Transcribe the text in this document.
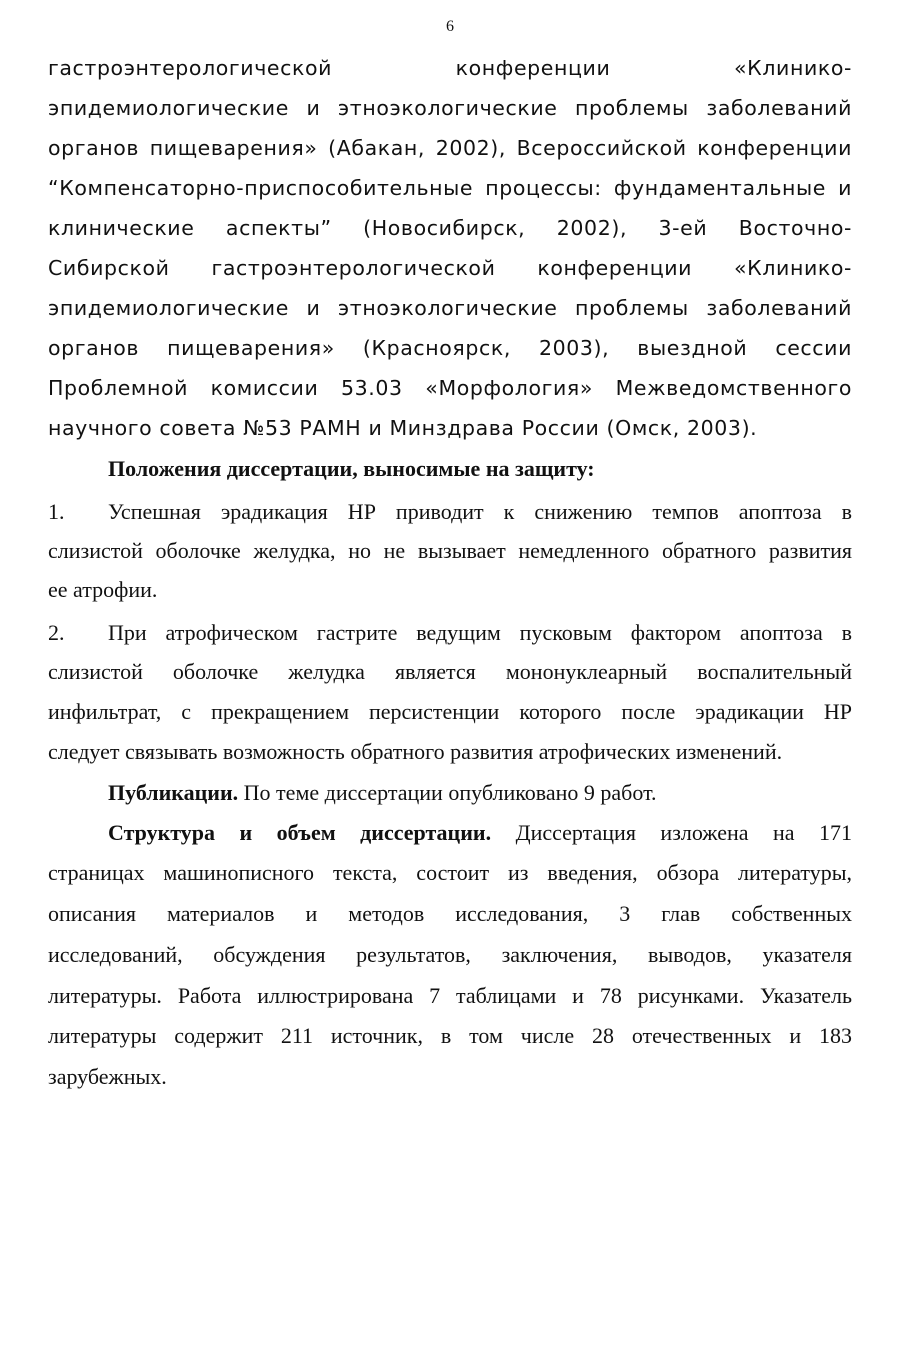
6
гастроэнтерологической конференции «Клинико-
эпидемиологические и этноэкологические проблемы заболеваний
органов пищеварения» (Абакан, 2002), Всероссийской конференции
“Компенсаторно-приспособительные процессы: фундаментальные и
клинические аспекты” (Новосибирск, 2002), 3-ей Восточно-
Сибирской гастроэнтерологической конференции «Клинико-
эпидемиологические и этноэкологические проблемы заболеваний
органов пищеварения» (Красноярск, 2003), выездной сессии
Проблемной комиссии 53.03 «Морфология» Межведомственного
научного совета №53 РАМН и Минздрава России (Омск, 2003).
Положения диссертации, выносимые на защиту:
1. Успешная эрадикация НР приводит к снижению темпов апоптоза в
слизистой оболочке желудка, но не вызывает немедленного обратного развития
ее атрофии.
2. При атрофическом гастрите ведущим пусковым фактором апоптоза в
слизистой оболочке желудка является мононуклеарный воспалительный
инфильтрат, с прекращением персистенции которого после эрадикации НР
следует связывать возможность обратного развития атрофических изменений.
Публикации. По теме диссертации опубликовано 9 работ.
Структура и объем диссертации. Диссертация изложена на 171
страницах машинописного текста, состоит из введения, обзора литературы,
описания материалов и методов исследования, 3 глав собственных
исследований, обсуждения результатов, заключения, выводов, указателя
литературы. Работа иллюстрирована 7 таблицами и 78 рисунками. Указатель
литературы содержит 211 источник, в том числе 28 отечественных и 183
зарубежных.
